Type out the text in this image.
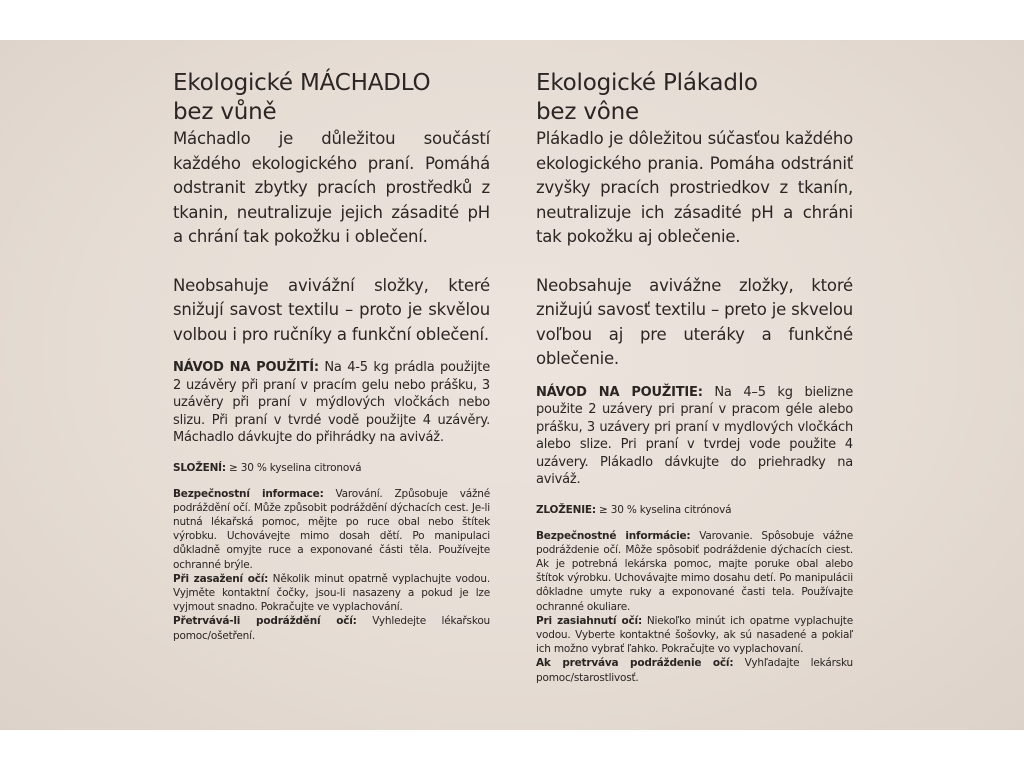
Ekologické MÁCHADLO
bez vůně

Máchadlo je důležitou součástí každého ekologického praní. Pomáhá odstranit zbytky pracích prostředků z tkanin, neutralizuje jejich zásadité pH a chrání tak pokožku i oblečení.

Neobsahuje avivážní složky, které snižují savost textilu – proto je skvělou volbou i pro ručníky a funkční oblečení.

NÁVOD NA POUŽITÍ: Na 4-5 kg prádla použijte 2 uzávěry při praní v pracím gelu nebo prášku, 3 uzávěry při praní v mýdlových vločkách nebo slizu. Při praní v tvrdé vodě použijte 4 uzávěry. Máchadlo dávkujte do přihrádky na aviváž.
SLOŽENÍ: ≥ 30 % kyselina citronová

Bezpečnostní informace: Varování. Způsobuje vážné podráždění očí. Může způsobit podráždění dýchacích cest. Je-li nutná lékařská pomoc, mějte po ruce obal nebo štítek výrobku. Uchovávejte mimo dosah dětí. Po manipulaci důkladně omyjte ruce a exponované části těla. Používejte ochranné brýle.

Při zasažení očí: Několik minut opatrně vyplachujte vodou. Vyjměte kontaktní čočky, jsou-li nasazeny a pokud je lze vyjmout snadno. Pokračujte ve vyplachování.

Přetrvává-li podráždění očí: Vyhledejte lékařskou pomoc/ošetření.

Ekologické Plákadlo
bez vône

Plákadlo je dôležitou súčasťou každého ekologického prania. Pomáha odstrániť zvyšky pracích prostriedkov z tkanín, neutralizuje ich zásadité pH a chráni tak pokožku aj oblečenie.

Neobsahuje avivážne zložky, ktoré znižujú savosť textilu – preto je skvelou voľbou aj pre uteráky a funkčné oblečenie.

NÁVOD NA POUŽITIE: Na 4–5 kg bielizne použite 2 uzávery pri praní v pracom géle alebo prášku, 3 uzávery pri praní v mydlových vločkách alebo slize. Pri praní v tvrdej vode použite 4 uzávery. Plákadlo dávkujte do priehradky na aviváž.
ZLOŽENIE: ≥ 30 % kyselina citrónová

Bezpečnostné informácie: Varovanie. Spôsobuje vážne podráždenie očí. Môže spôsobiť podráždenie dýchacích ciest. Ak je potrebná lekárska pomoc, majte poruke obal alebo štítok výrobku. Uchovávajte mimo dosahu detí. Po manipulácii dôkladne umyte ruky a exponované časti tela. Používajte ochranné okuliare.

Pri zasiahnutí očí: Niekoľko minút ich opatrne vyplachujte vodou. Vyberte kontaktné šošovky, ak sú nasadené a pokiaľ ich možno vybrať ľahko. Pokračujte vo vyplachovaní.

Ak pretrváva podráždenie očí: Vyhľadajte lekársku pomoc/starostlivosť.
